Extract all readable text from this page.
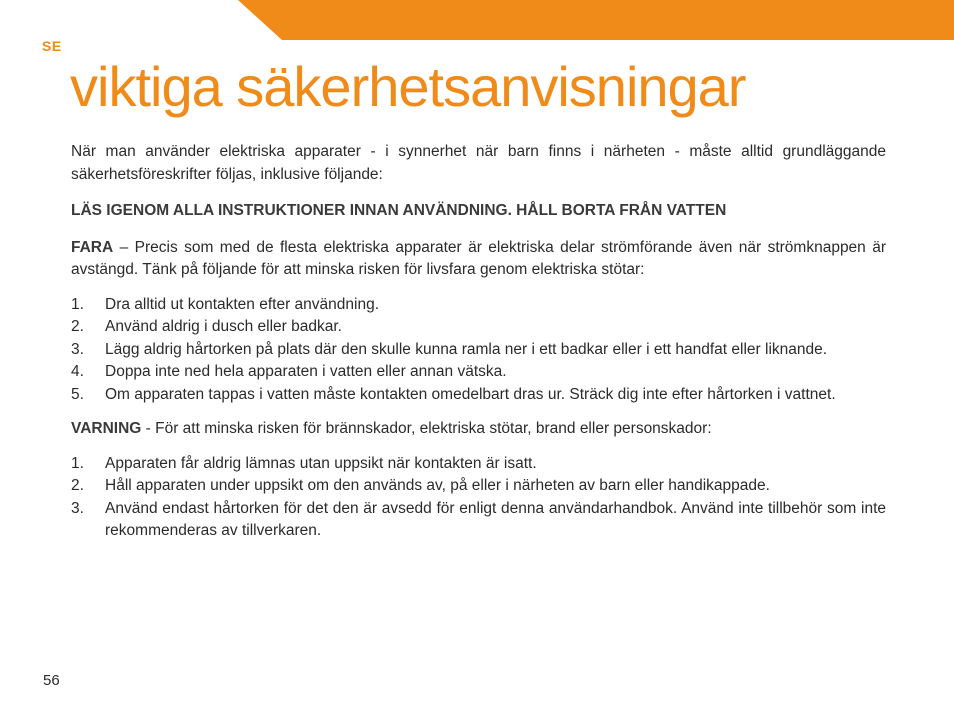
SE
viktiga säkerhetsanvisningar

När man använder elektriska apparater - i synnerhet när barn finns i närheten - måste alltid grundläggande säkerhetsföreskrifter följas, inklusive följande:

LÄS IGENOM ALLA INSTRUKTIONER INNAN ANVÄNDNING. HÅLL BORTA FRÅN VATTEN

FARA – Precis som med de flesta elektriska apparater är elektriska delar strömförande även när strömknappen är avstängd. Tänk på följande för att minska risken för livsfara genom elektriska stötar:

1.	Dra alltid ut kontakten efter användning.
2.	Använd aldrig i dusch eller badkar.
3.	Lägg aldrig hårtorken på plats där den skulle kunna ramla ner i ett badkar eller i ett handfat eller liknande.
4.	Doppa inte ned hela apparaten i vatten eller annan vätska.
5.	Om apparaten tappas i vatten måste kontakten omedelbart dras ur. Sträck dig inte efter hårtorken i vattnet.

VARNING - För att minska risken för brännskador, elektriska stötar, brand eller personskador:

1.	Apparaten får aldrig lämnas utan uppsikt när kontakten är isatt.
2.	Håll apparaten under uppsikt om den används av, på eller i närheten av barn eller handikappade.
3.	Använd endast hårtorken för det den är avsedd för enligt denna användarhandbok. Använd inte tillbehör som inte rekommenderas av tillverkaren.
56
